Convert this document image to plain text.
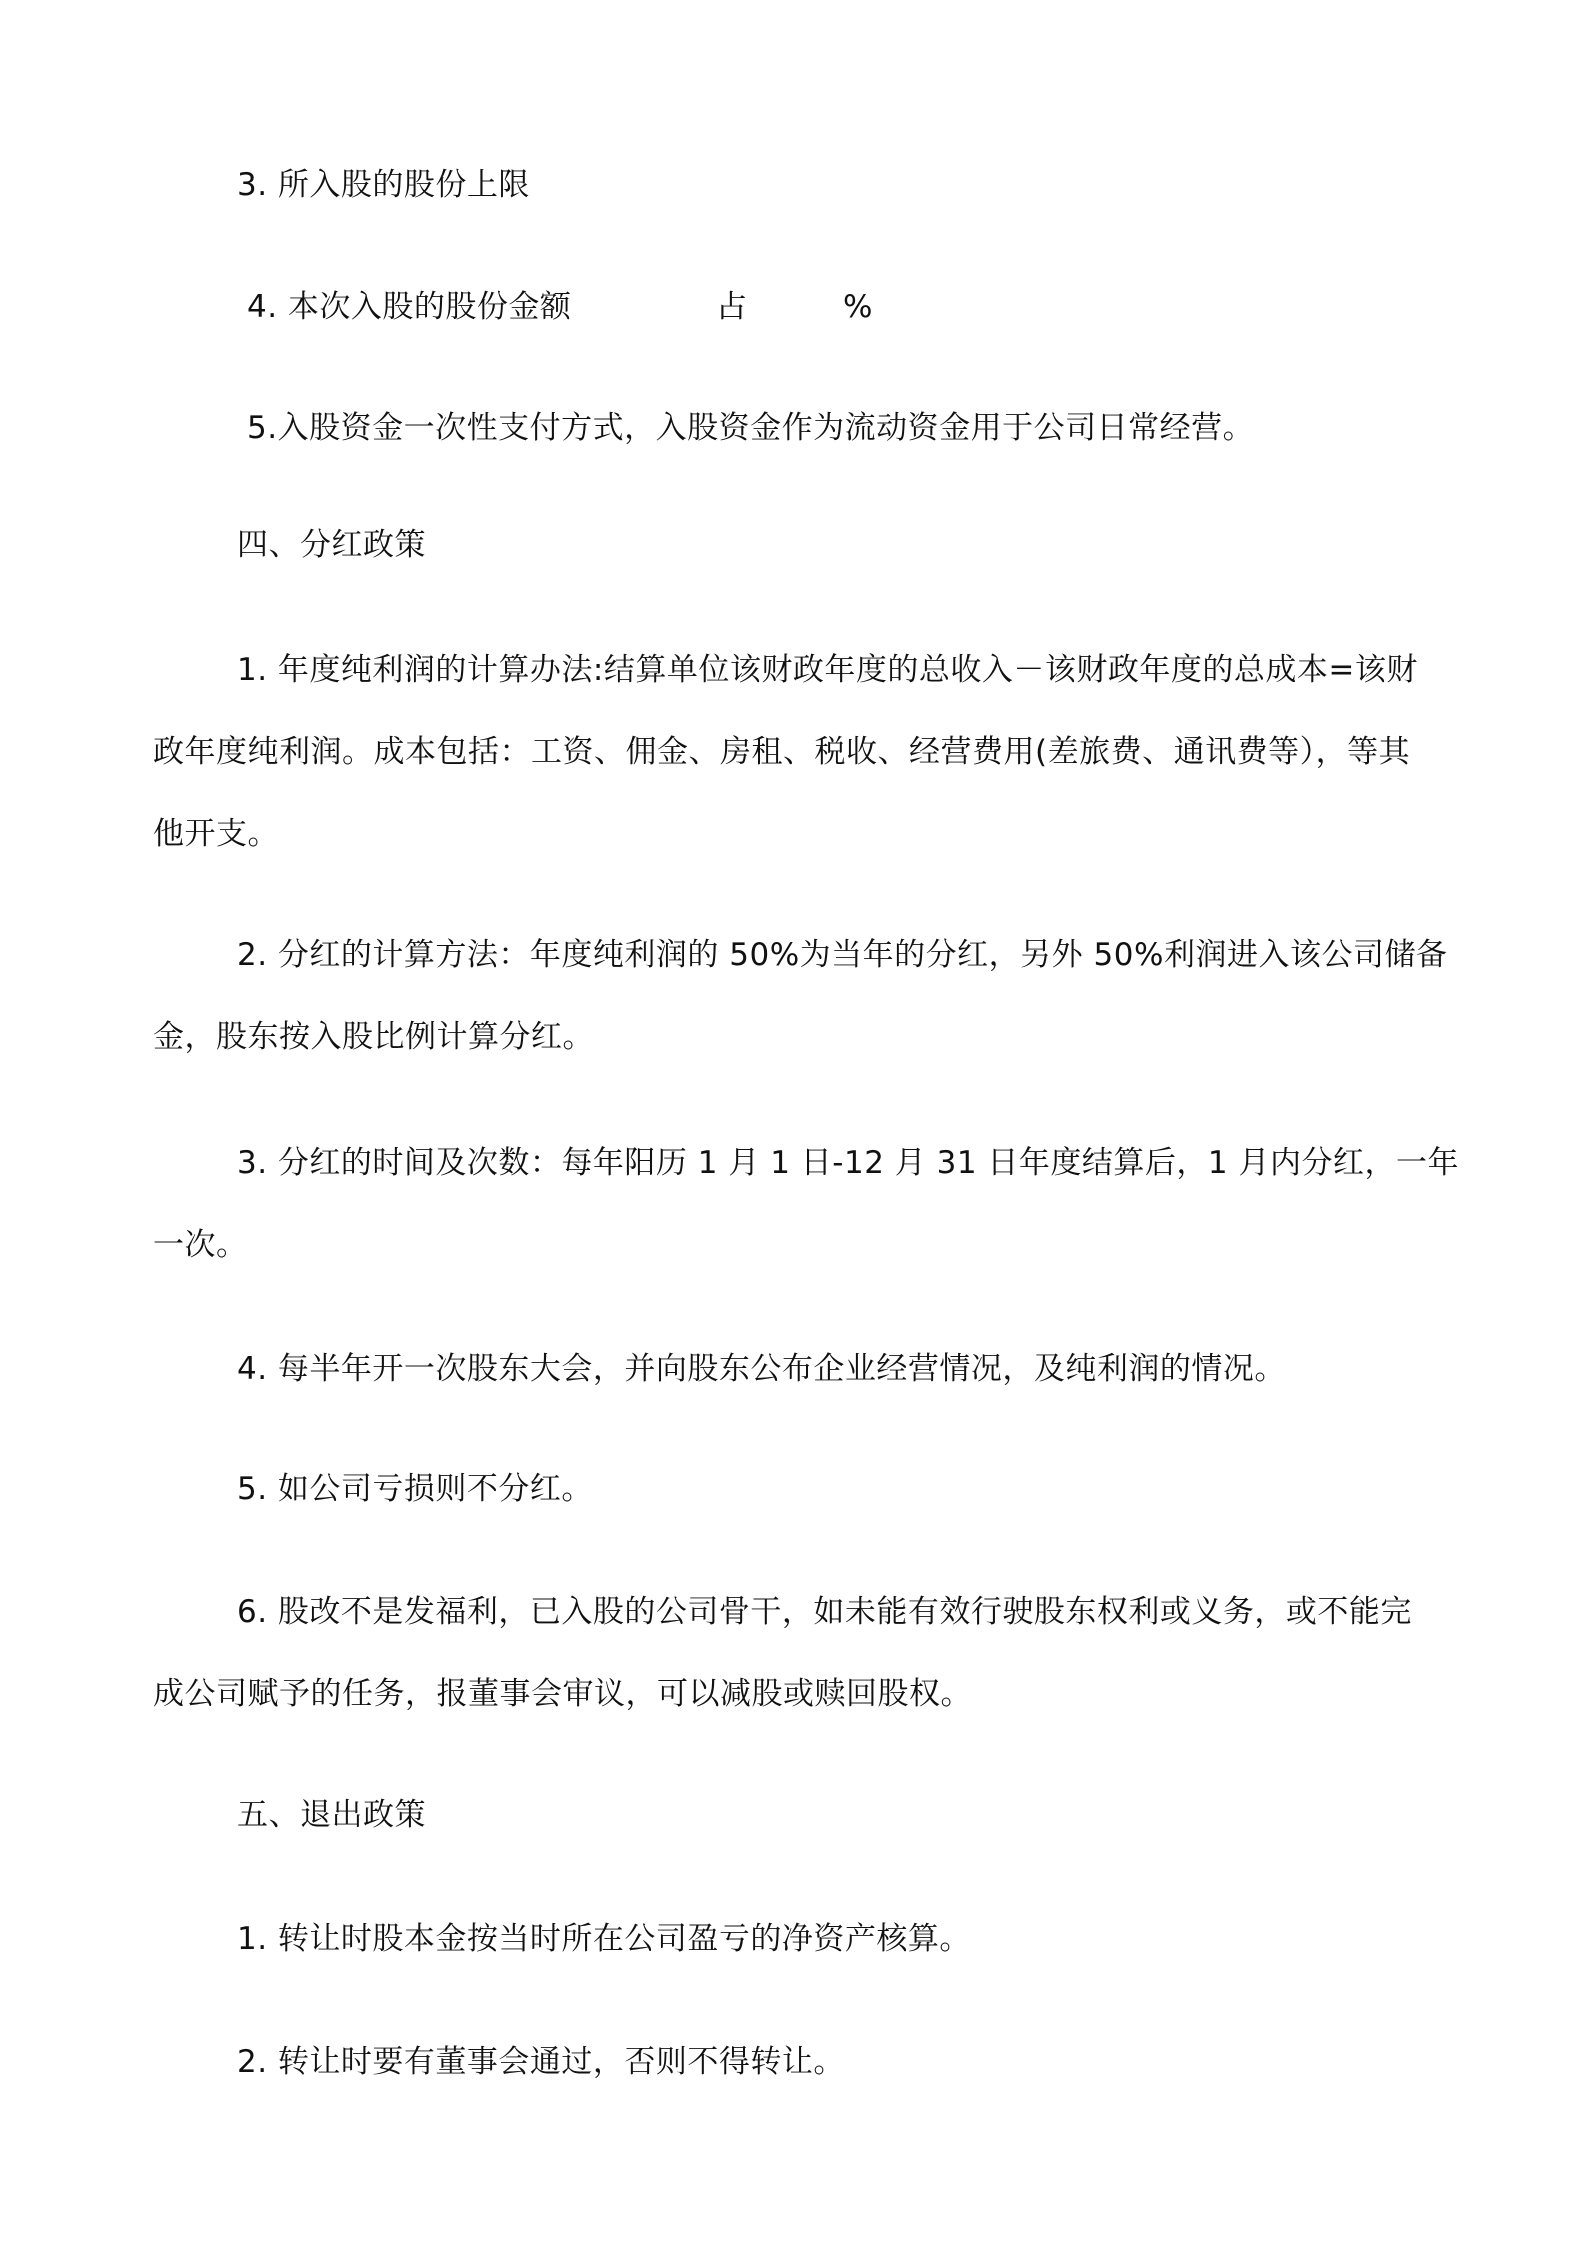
3. 所入股的股份上限
4. 本次入股的股份金额	占	%
5.入股资金一次性支付方式，入股资金作为流动资金用于公司日常经营。
四、分红政策
1. 年度纯利润的计算办法:结算单位该财政年度的总收入－该财政年度的总成本=该财
政年度纯利润。成本包括：工资、佣金、房租、税收、经营费用(差旅费、通讯费等），等其
他开支。
2. 分红的计算方法：年度纯利润的 50%为当年的分红，另外 50%利润进入该公司储备
金，股东按入股比例计算分红。
3. 分红的时间及次数：每年阳历 1 月 1 日-12 月 31 日年度结算后，1 月内分红，一年
一次。
4. 每半年开一次股东大会，并向股东公布企业经营情况，及纯利润的情况。
5. 如公司亏损则不分红。
6. 股改不是发福利，已入股的公司骨干，如未能有效行驶股东权利或义务，或不能完
成公司赋予的任务，报董事会审议，可以减股或赎回股权。
五、退出政策
1. 转让时股本金按当时所在公司盈亏的净资产核算。
2. 转让时要有董事会通过，否则不得转让。
